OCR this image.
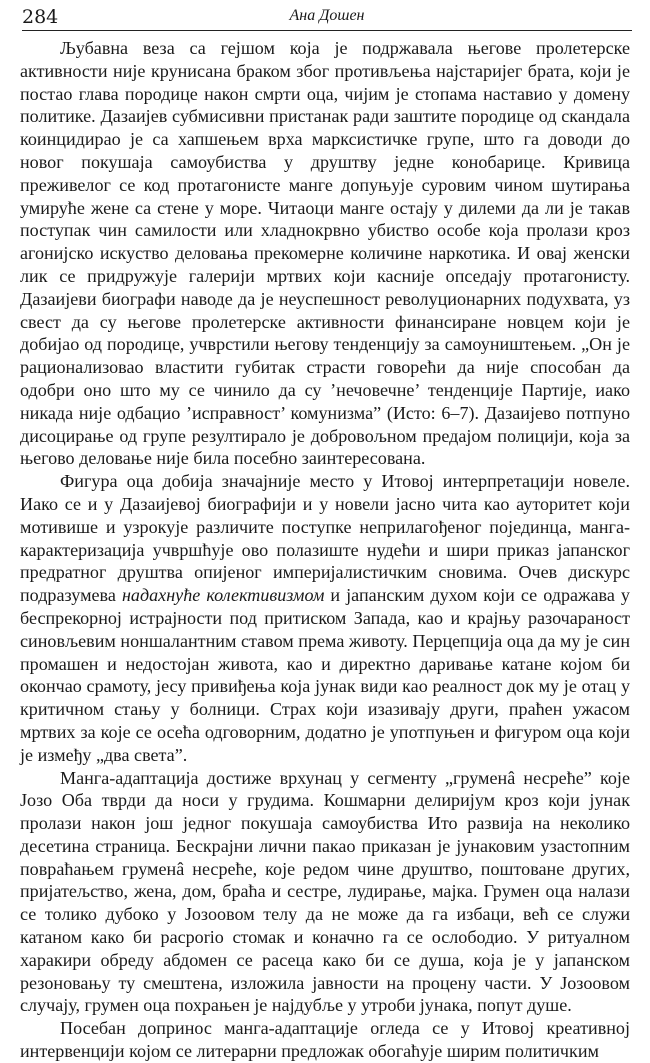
284	Ана Дошен

Љубавна веза са гејшом која је подржавала његове пролетерске активности није крунисана браком због противљења најстаријег брата, који је постао глава породице након смрти оца, чијим је стопама наставио у домену политике. Дазаијев субмисивни пристанак ради заштите породице од скандала коинцидирао је са хапшењем врха марксистичке групе, што га доводи до новог покушаја самоубиства у друштву једне конобарице. Кривица преживелог се код протагонисте манге допуњује суровим чином шутирања умируће жене са стене у море. Читаоци манге остају у дилеми да ли је такав поступак чин самилости или хладнокрвно убиство особе која пролази кроз агонијско искуство деловања прекомерне количине наркотика. И овај женски лик се придружује галерији мртвих који касније опседају протагонисту. Дазаијеви биографи наводе да је неуспешност револуционарних подухвата, уз свест да су његове пролетерске активности финансиране новцем који је добијао од породице, учврстили његову тенденцију за самоуништењем. „Он је рационализовао властити губитак страсти говорећи да није способан да одобри оно што му се чинило да су ’нечовечне’ тенденције Партије, иако никада није одбацио ’исправност’ комунизма” (Исто: 6–7). Дазаијево потпуно дисоцирање од групе резултирало је добровољном предајом полицији, која за његово деловање није била посебно заинтересована.

Фигура оца добија значајније место у Итовој интерпретацији новеле. Иако се и у Дазаијевој биографији и у новели јасно чита као ауторитет који мотивише и узрокује различите поступке неприлагођеног појединца, манга-карактеризација учвршћује ово полазиште нудећи и шири приказ јапанског предратног друштва опијеног империјалистичким сновима. Очев дискурс подразумева надахнуће колективизмом и јапанским духом који се одражава у беспрекорној истрајности под притиском Запада, као и крајњу разочараност синовљевим ноншалантним ставом према животу. Перцепција оца да му је син промашен и недостојан живота, као и директно даривање катане којом би окончао срамоту, јесу привиђења која јунак види као реалност док му је отац у критичном стању у болници. Страх који изазивају други, праћен ужасом мртвих за које се осећа одговорним, додатно је употпуњен и фигуром оца који је између „два света”.

Манга-адаптација достиже врхунац у сегменту „груменâ несреће” које Јозо Оба тврди да носи у грудима. Кошмарни делиријум кроз који јунак пролази након још једног покушаја самоубиства Ито развија на неколико десетина страница. Бескрајни лични пакао приказан је јунаковим узастопним повраћањем груменâ несреће, које редом чине друштво, поштоване других, пријатељство, жена, дом, браћа и сестре, лудирање, мајка. Грумен оца налази се толико дубоко у Јозоовом телу да не може да га избаци, већ се служи катаном како би расporio стомак и коначно га се ослободио. У ритуалном харакири обреду абдомен се расеца како би се душа, која је у јапанском резоновању ту смештена, изложила јавности на процену части. У Јозоовом случају, грумен оца похрањен је најдубље у утроби јунака, попут душе.

Посебан допринос манга-адаптације огледа се у Итовој креативној интервенцији којом се литерарни предложак обогаћује ширим политичким
